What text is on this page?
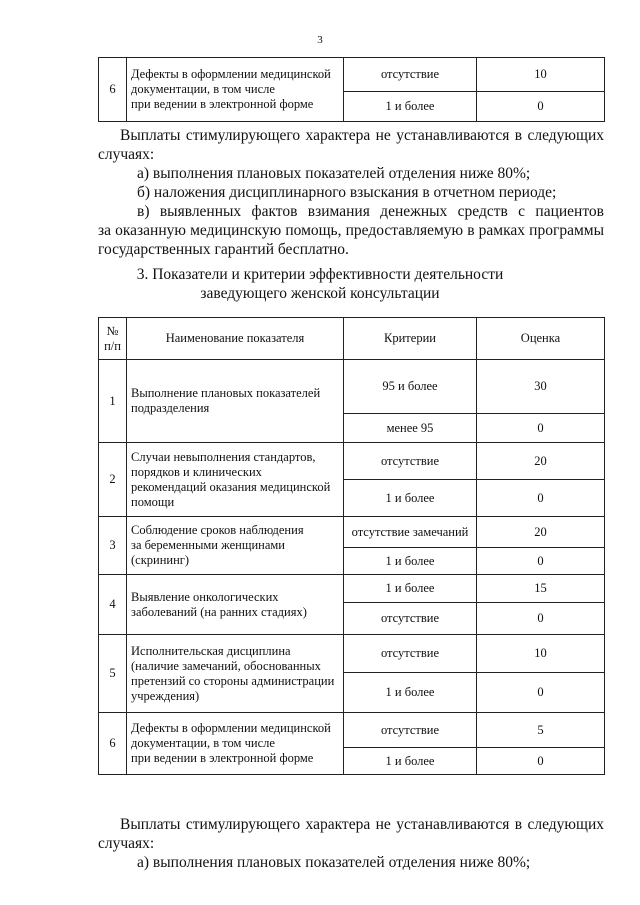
3
6	Дефекты в оформлении медицинской
документации, в том числе
при ведении в электронной форме	отсутствие	10
		1 и более	0
Выплаты стимулирующего характера не устанавливаются в следующих
случаях:
а) выполнения плановых показателей отделения ниже 80%;
б) наложения дисциплинарного взыскания в отчетном периоде;
в) выявленных фактов взимания денежных средств с пациентов
за оказанную медицинскую помощь, предоставляемую в рамках программы
государственных гарантий бесплатно.
3. Показатели и критерии эффективности деятельности
заведующего женской консультации
№
п/п	Наименование показателя	Критерии	Оценка
1	Выполнение плановых показателей
подразделения	95 и более	30
		менее 95	0
2	Случаи невыполнения стандартов,
порядков и клинических
рекомендаций оказания медицинской
помощи	отсутствие	20
		1 и более	0
3	Соблюдение сроков наблюдения
за беременными женщинами
(скрининг)	отсутствие замечаний	20
		1 и более	0
4	Выявление онкологических
заболеваний (на ранних стадиях)	1 и более	15
		отсутствие	0
5	Исполнительская дисциплина
(наличие замечаний, обоснованных
претензий со стороны администрации
учреждения)	отсутствие	10
		1 и более	0
6	Дефекты в оформлении медицинской
документации, в том числе
при ведении в электронной форме	отсутствие	5
		1 и более	0
Выплаты стимулирующего характера не устанавливаются в следующих
случаях:
а) выполнения плановых показателей отделения ниже 80%;
